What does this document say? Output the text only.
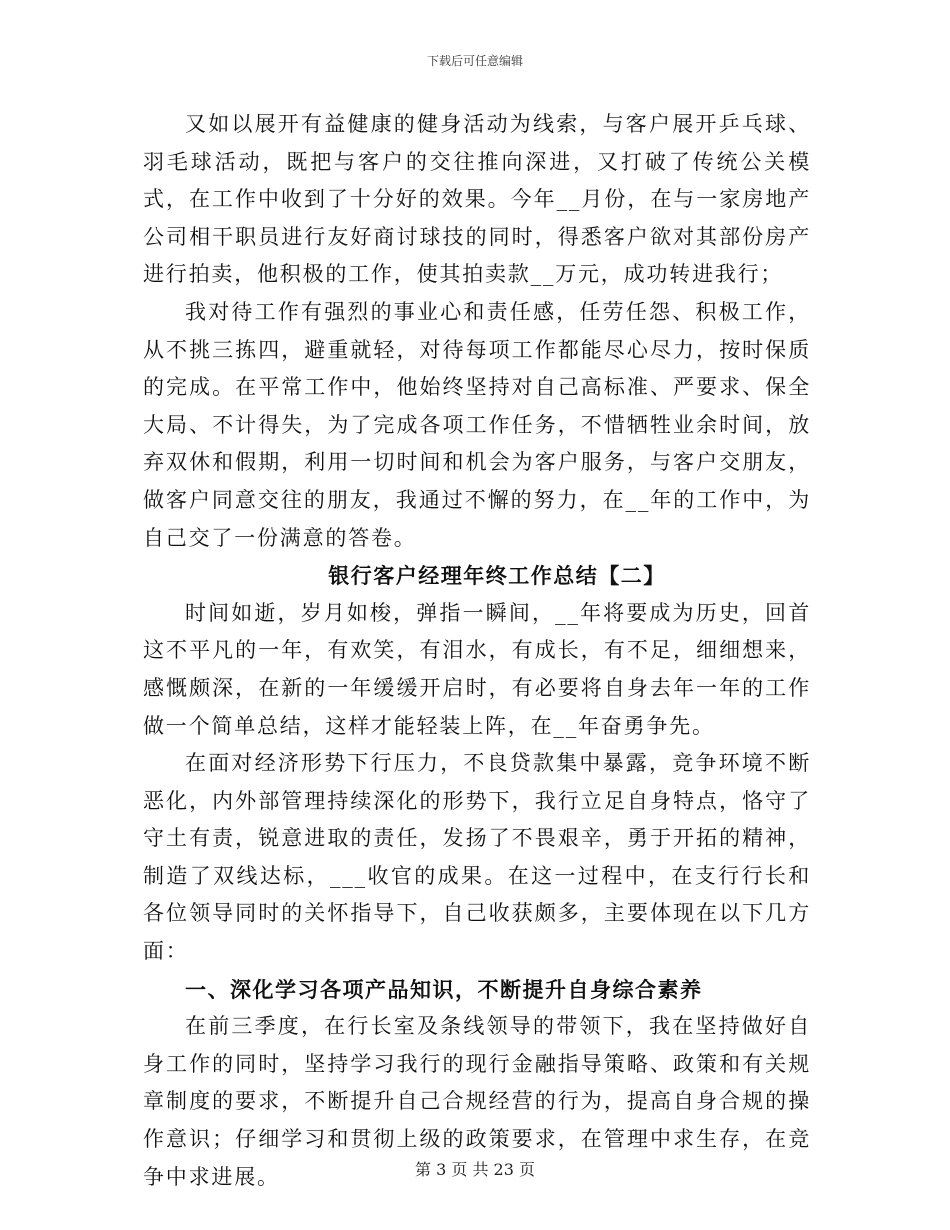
下载后可任意编辑

又如以展开有益健康的健身活动为线索，与客户展开乒乓球、羽毛球活动，既把与客户的交往推向深进，又打破了传统公关模式，在工作中收到了十分好的效果。今年__月份，在与一家房地产公司相干职员进行友好商讨球技的同时，得悉客户欲对其部份房产进行拍卖，他积极的工作，使其拍卖款__万元，成功转进我行；

我对待工作有强烈的事业心和责任感，任劳任怨、积极工作，从不挑三拣四，避重就轻，对待每项工作都能尽心尽力，按时保质的完成。在平常工作中，他始终坚持对自己高标准、严要求、保全大局、不计得失，为了完成各项工作任务，不惜牺牲业余时间，放弃双休和假期，利用一切时间和机会为客户服务，与客户交朋友，做客户同意交往的朋友，我通过不懈的努力，在__年的工作中，为自己交了一份满意的答卷。

银行客户经理年终工作总结【二】

时间如逝，岁月如梭，弹指一瞬间，__年将要成为历史，回首这不平凡的一年，有欢笑，有泪水，有成长，有不足，细细想来，感慨颇深，在新的一年缓缓开启时，有必要将自身去年一年的工作做一个简单总结，这样才能轻装上阵，在__年奋勇争先。

在面对经济形势下行压力，不良贷款集中暴露，竞争环境不断恶化，内外部管理持续深化的形势下，我行立足自身特点，恪守了守土有责，锐意进取的责任，发扬了不畏艰辛，勇于开拓的精神，制造了双线达标，___收官的成果。在这一过程中，在支行行长和各位领导同时的关怀指导下，自己收获颇多，主要体现在以下几方面：

一、深化学习各项产品知识，不断提升自身综合素养

在前三季度，在行长室及条线领导的带领下，我在坚持做好自身工作的同时，坚持学习我行的现行金融指导策略、政策和有关规章制度的要求，不断提升自己合规经营的行为，提高自身合规的操作意识；仔细学习和贯彻上级的政策要求，在管理中求生存，在竞争中求进展。	第 3 页 共 23 页
